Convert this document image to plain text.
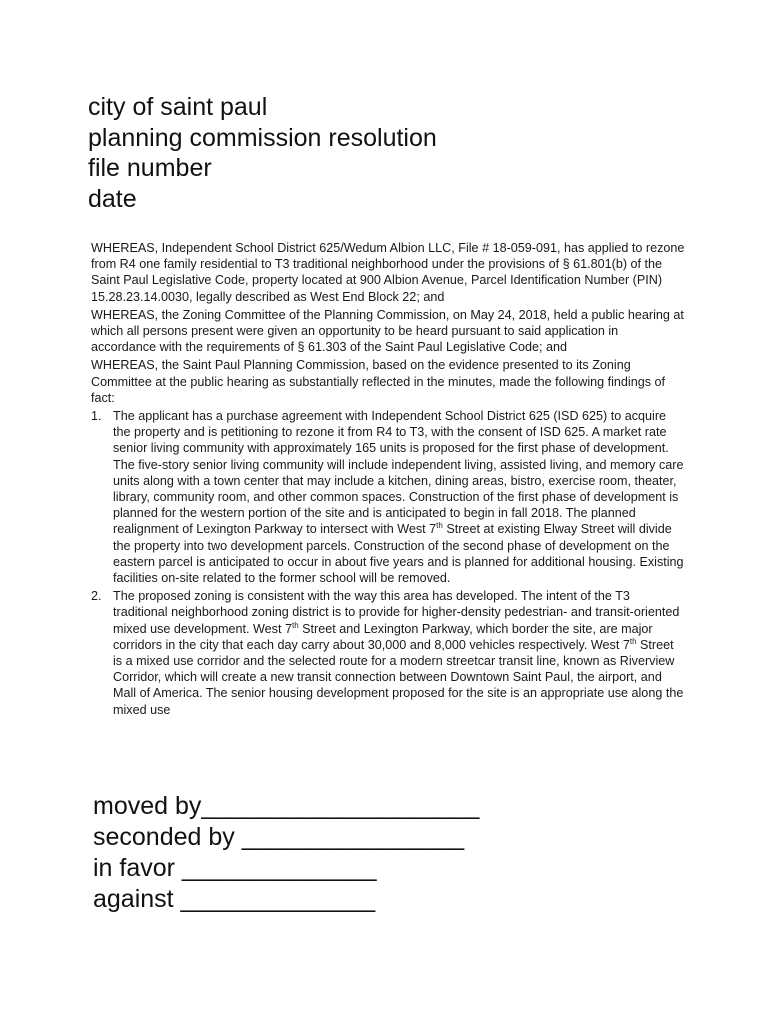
city of saint paul
planning commission resolution
file number
date

WHEREAS, Independent School District 625/Wedum Albion LLC, File # 18-059-091, has applied to rezone from R4 one family residential to T3 traditional neighborhood under the provisions of § 61.801(b) of the Saint Paul Legislative Code, property located at 900 Albion Avenue, Parcel Identification Number (PIN) 15.28.23.14.0030, legally described as West End Block 22; and

WHEREAS, the Zoning Committee of the Planning Commission, on May 24, 2018, held a public hearing at which all persons present were given an opportunity to be heard pursuant to said application in accordance with the requirements of § 61.303 of the Saint Paul Legislative Code; and

WHEREAS, the Saint Paul Planning Commission, based on the evidence presented to its Zoning Committee at the public hearing as substantially reflected in the minutes, made the following findings of fact:

1. The applicant has a purchase agreement with Independent School District 625 (ISD 625) to acquire the property and is petitioning to rezone it from R4 to T3, with the consent of ISD 625. A market rate senior living community with approximately 165 units is proposed for the first phase of development. The five-story senior living community will include independent living, assisted living, and memory care units along with a town center that may include a kitchen, dining areas, bistro, exercise room, theater, library, community room, and other common spaces. Construction of the first phase of development is planned for the western portion of the site and is anticipated to begin in fall 2018. The planned realignment of Lexington Parkway to intersect with West 7th Street at existing Elway Street will divide the property into two development parcels. Construction of the second phase of development on the eastern parcel is anticipated to occur in about five years and is planned for additional housing. Existing facilities on-site related to the former school will be removed.
2. The proposed zoning is consistent with the way this area has developed. The intent of the T3 traditional neighborhood zoning district is to provide for higher-density pedestrian- and transit-oriented mixed use development. West 7th Street and Lexington Parkway, which border the site, are major corridors in the city that each day carry about 30,000 and 8,000 vehicles respectively. West 7th Street is a mixed use corridor and the selected route for a modern streetcar transit line, known as Riverview Corridor, which will create a new transit connection between Downtown Saint Paul, the airport, and Mall of America. The senior housing development proposed for the site is an appropriate use along the mixed use
moved by____________________
seconded by ________________
in favor ______________
against ______________
